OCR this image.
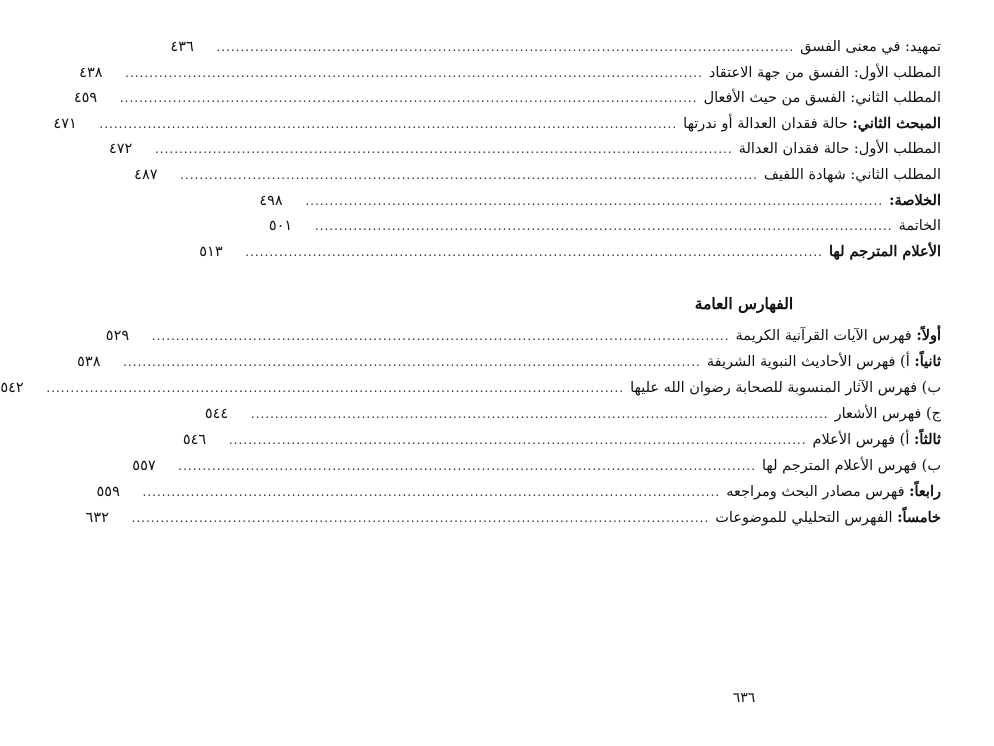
تمهيد: في معنى الفسق
........................................................................................................................
٤٣٦
المطلب الأول: الفسق من جهة الاعتقاد
........................................................................................................................
٤٣٨
المطلب الثاني: الفسق من حيث الأفعال
........................................................................................................................
٤٥٩
المبحث الثاني:حالة فقدان العدالة أو ندرتها
........................................................................................................................
٤٧١
المطلب الأول: حالة فقدان العدالة
........................................................................................................................
٤٧٢
المطلب الثاني: شهادة اللفيف
........................................................................................................................
٤٨٧
الخلاصة:
........................................................................................................................
٤٩٨
الخاتمة
........................................................................................................................
٥٠١
الأعلام المترجم لها
........................................................................................................................
٥١٣
الفهارس العامة
أولاً:فهرس الآيات القرآنية الكريمة
........................................................................................................................
٥٢٩
ثانياً:أ) فهرس الأحاديث النبوية الشريفة
........................................................................................................................
٥٣٨
ب) فهرس الآثار المنسوبة للصحابة رضوان الله عليها
........................................................................................................................
٥٤٢
ج) فهرس الأشعار
........................................................................................................................
٥٤٤
ثالثاً:أ) فهرس الأعلام
........................................................................................................................
٥٤٦
ب) فهرس الأعلام المترجم لها
........................................................................................................................
٥٥٧
رابعاً:فهرس مصادر البحث ومراجعه
........................................................................................................................
٥٥٩
خامساً:الفهرس التحليلي للموضوعات
........................................................................................................................
٦٣٢
٦٣٦
